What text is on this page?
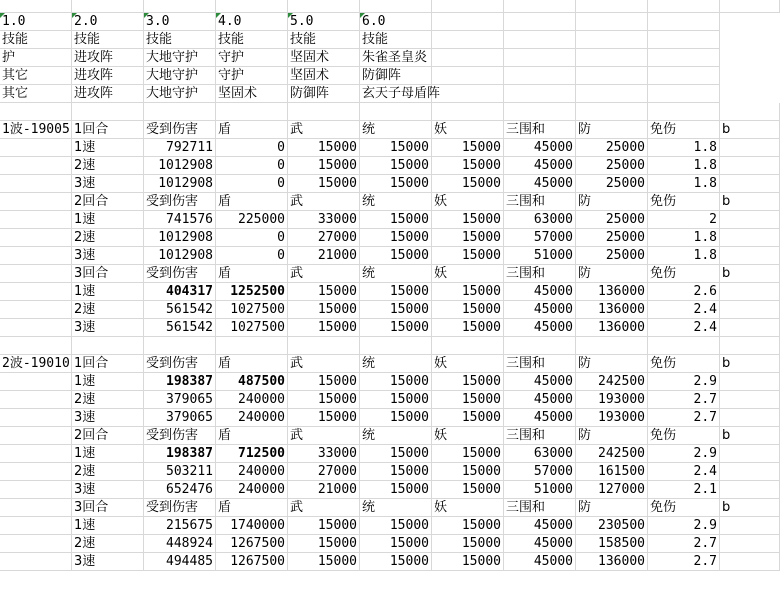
1.0	2.0	3.0	4.0	5.0	6.0
技能	技能	技能	技能	技能	技能
护	进攻阵	大地守护	守护	坚固术	朱雀圣皇炎
其它	进攻阵	大地守护	守护	坚固术	防御阵
其它	进攻阵	大地守护	坚固术	防御阵	玄天子母盾阵
1波-19005 1回合	受到伤害	盾	武	统	妖	三围和	防	免伤	b
1速	792711	0	15000	15000	15000	45000	25000	1.8
2速	1012908	0	15000	15000	15000	45000	25000	1.8
3速	1012908	0	15000	15000	15000	45000	25000	1.8
2回合	受到伤害	盾	武	统	妖	三围和	防	免伤	b
1速	741576	225000	33000	15000	15000	63000	25000	2
2速	1012908	0	27000	15000	15000	57000	25000	1.8
3速	1012908	0	21000	15000	15000	51000	25000	1.8
3回合	受到伤害	盾	武	统	妖	三围和	防	免伤	b
1速	404317	1252500	15000	15000	15000	45000	136000	2.6
2速	561542	1027500	15000	15000	15000	45000	136000	2.4
3速	561542	1027500	15000	15000	15000	45000	136000	2.4
2波-19010 1回合	受到伤害	盾	武	统	妖	三围和	防	免伤	b
1速	198387	487500	15000	15000	15000	45000	242500	2.9
2速	379065	240000	15000	15000	15000	45000	193000	2.7
3速	379065	240000	15000	15000	15000	45000	193000	2.7
2回合	受到伤害	盾	武	统	妖	三围和	防	免伤	b
1速	198387	712500	33000	15000	15000	63000	242500	2.9
2速	503211	240000	27000	15000	15000	57000	161500	2.4
3速	652476	240000	21000	15000	15000	51000	127000	2.1
3回合	受到伤害	盾	武	统	妖	三围和	防	免伤	b
1速	215675	1740000	15000	15000	15000	45000	230500	2.9
2速	448924	1267500	15000	15000	15000	45000	158500	2.7
3速	494485	1267500	15000	15000	15000	45000	136000	2.7
